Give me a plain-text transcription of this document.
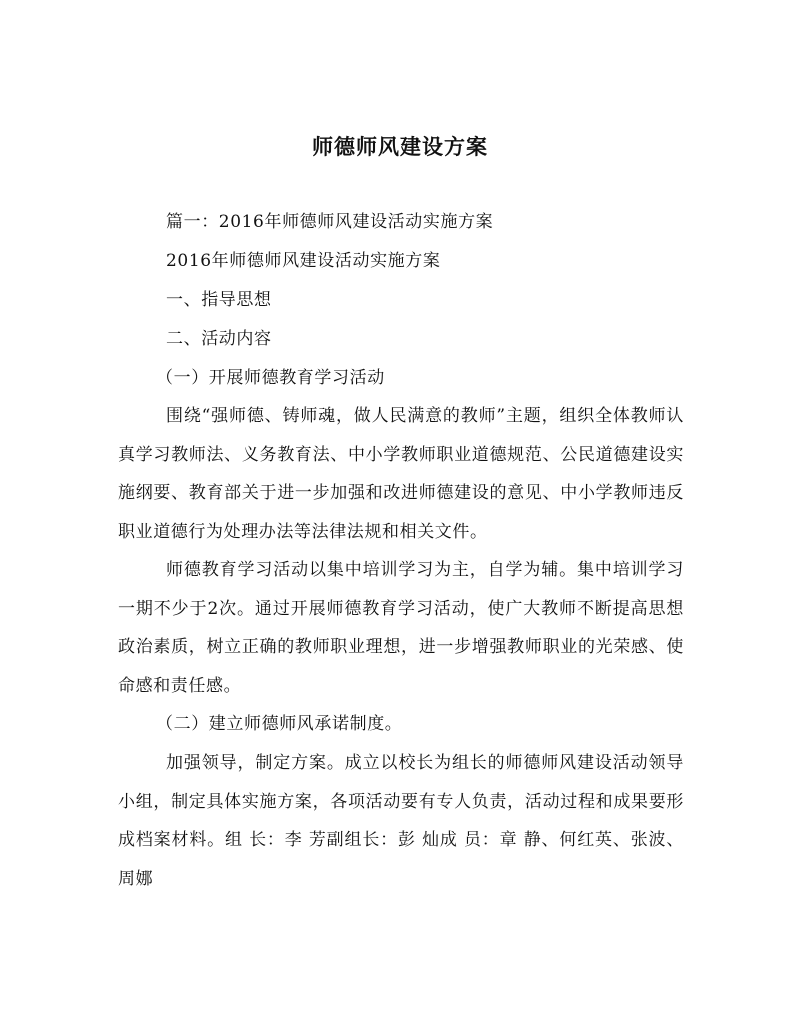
师德师风建设方案

篇一：2016年师德师风建设活动实施方案

2016年师德师风建设活动实施方案

一、指导思想

二、活动内容

（一）开展师德教育学习活动

围绕“强师德、铸师魂，做人民满意的教师”主题，组织全体教师认真学习教师法、义务教育法、中小学教师职业道德规范、公民道德建设实施纲要、教育部关于进一步加强和改进师德建设的意见、中小学教师违反职业道德行为处理办法等法律法规和相关文件。

师德教育学习活动以集中培训学习为主，自学为辅。集中培训学习一期不少于2次。通过开展师德教育学习活动，使广大教师不断提高思想政治素质，树立正确的教师职业理想，进一步增强教师职业的光荣感、使命感和责任感。

（二）建立师德师风承诺制度。

加强领导，制定方案。成立以校长为组长的师德师风建设活动领导小组，制定具体实施方案，各项活动要有专人负责，活动过程和成果要形成档案材料。组 长：李 芳副组长：彭 灿成 员：章 静、何红英、张波、周娜
